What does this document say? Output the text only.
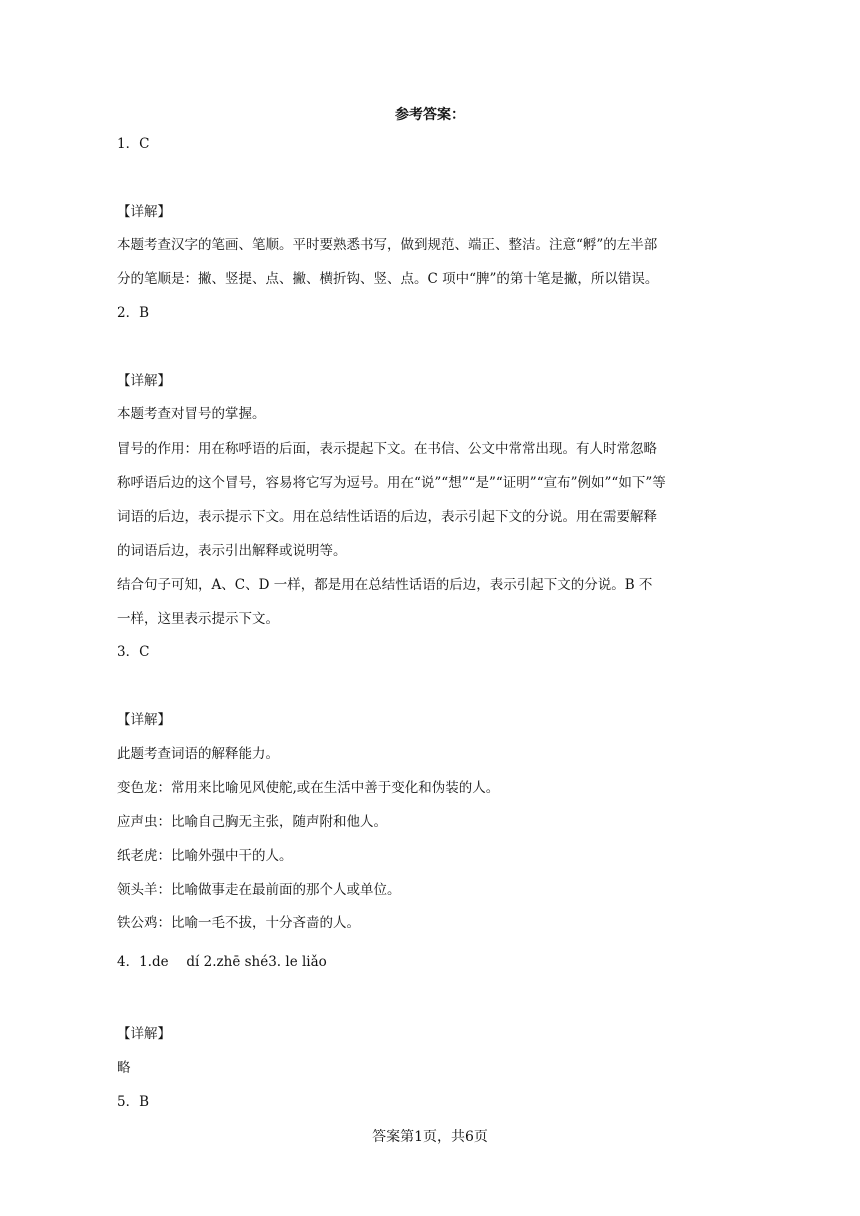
参考答案：
1．C
【详解】
本题考查汉字的笔画、笔顺。平时要熟悉书写，做到规范、端正、整洁。注意“孵”的左半部
分的笔顺是：撇、竖提、点、撇、横折钩、竖、点。C 项中“脾”的第十笔是撇，所以错误。
2．B
【详解】
本题考查对冒号的掌握。
冒号的作用：用在称呼语的后面，表示提起下文。在书信、公文中常常出现。有人时常忽略
称呼语后边的这个冒号，容易将它写为逗号。用在“说”“想”“是”“证明”“宣布”例如”“如下”等
词语的后边，表示提示下文。用在总结性话语的后边，表示引起下文的分说。用在需要解释
的词语后边，表示引出解释或说明等。
结合句子可知，A、C、D 一样，都是用在总结性话语的后边，表示引起下文的分说。B 不
一样，这里表示提示下文。
3．C
【详解】
此题考查词语的解释能力。
变色龙：常用来比喻见风使舵,或在生活中善于变化和伪装的人。
应声虫：比喻自己胸无主张，随声附和他人。
纸老虎：比喻外强中干的人。
领头羊：比喻做事走在最前面的那个人或单位。
铁公鸡：比喻一毛不拔，十分吝啬的人。
4．1.de　 dí 2.zhē shé3. le liǎo
【详解】
略
5．B
答案第1页，共6页
